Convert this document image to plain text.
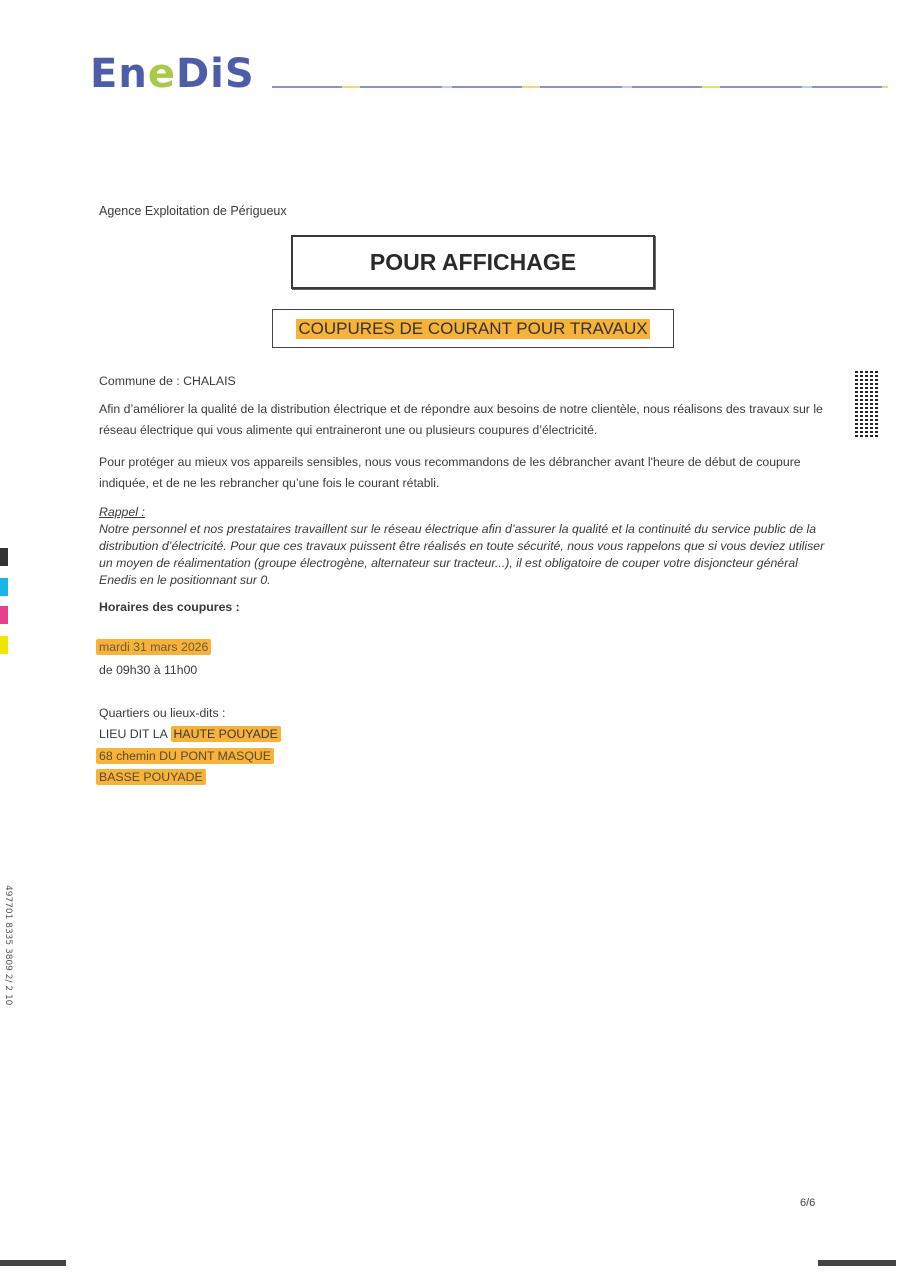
EneDiS
Agence Exploitation de Périgueux
POUR AFFICHAGE
COUPURES DE COURANT POUR TRAVAUX
Commune de : CHALAIS
Afin d’améliorer la qualité de la distribution électrique et de répondre aux besoins de notre clientèle, nous réalisons des travaux sur le réseau électrique qui vous alimente qui entraineront une ou plusieurs coupures d’électricité.
Pour protéger au mieux vos appareils sensibles, nous vous recommandons de les débrancher avant l'heure de début de coupure indiquée, et de ne les rebrancher qu’une fois le courant rétabli.
Rappel :
Notre personnel et nos prestataires travaillent sur le réseau électrique afin d’assurer la qualité et la continuité du service public de la distribution d’électricité. Pour que ces travaux puissent être réalisés en toute sécurité, nous vous rappelons que si vous deviez utiliser un moyen de réalimentation (groupe électrogène, alternateur sur tracteur...), il est obligatoire de couper votre disjoncteur général Enedis en le positionnant sur 0.
Horaires des coupures :
mardi 31 mars 2026
de 09h30 à 11h00
Quartiers ou lieux-dits :
LIEU DIT LA HAUTE POUYADE
68 chemin DU PONT MASQUE
BASSE POUYADE
497701 8335 3809 2/ 2 10
6/6
